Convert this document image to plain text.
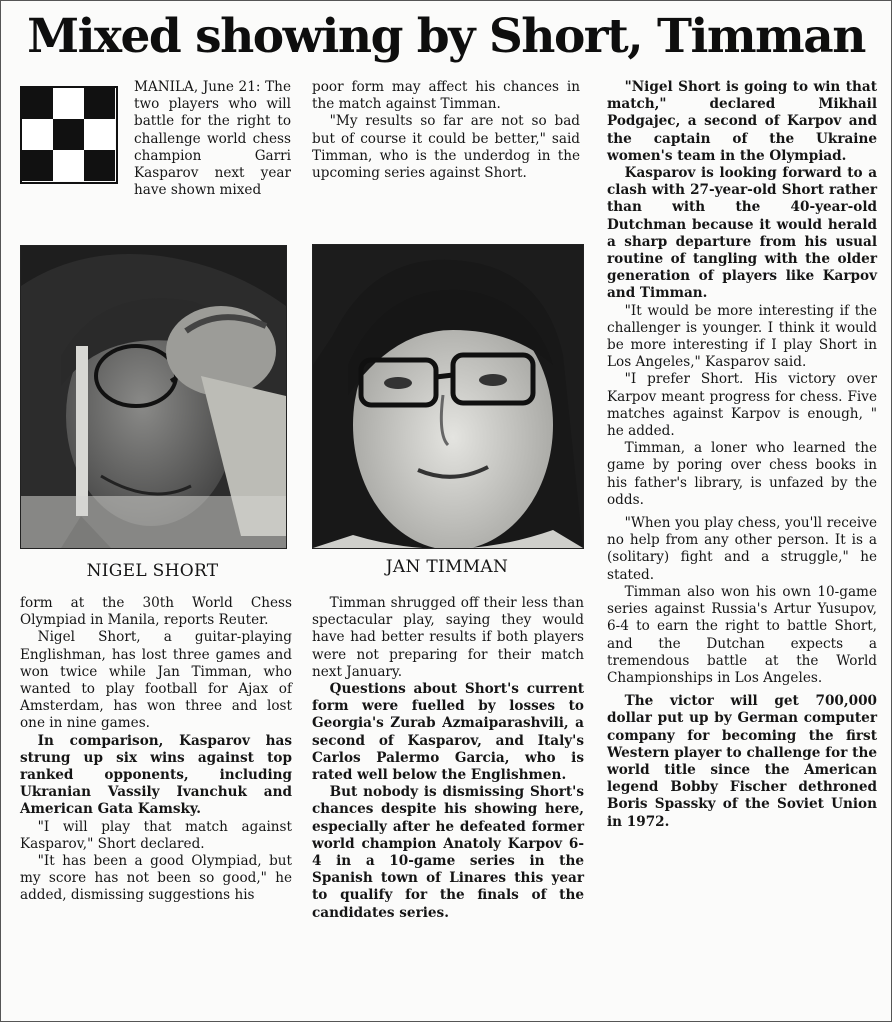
Mixed showing by Short, Timman

MANILA, June 21: The two players who will battle for the right to challenge world chess champion Garri Kasparov next year have shown mixed

NIGEL SHORT

form at the 30th World Chess Olympiad in Manila, reports Reuter.

Nigel Short, a guitar-playing Englishman, has lost three games and won twice while Jan Timman, who wanted to play football for Ajax of Amsterdam, has won three and lost one in nine games.

In comparison, Kasparov has strung up six wins against top ranked opponents, including Ukranian Vassily Ivanchuk and American Gata Kamsky.

"I will play that match against Kasparov," Short declared.

"It has been a good Olympiad, but my score has not been so good," he added, dismissing suggestions his

poor form may affect his chances in the match against Timman.

"My results so far are not so bad but of course it could be better," said Timman, who is the underdog in the upcoming series against Short.

JAN TIMMAN

Timman shrugged off their less than spectacular play, saying they would have had better results if both players were not preparing for their match next January.

Questions about Short's current form were fuelled by losses to Georgia's Zurab Azmaiparashvili, a second of Kasparov, and Italy's Carlos Palermo Garcia, who is rated well below the Englishmen.

But nobody is dismissing Short's chances despite his showing here, especially after he defeated former world champion Anatoly Karpov 6-4 in a 10-game series in the Spanish town of Linares this year to qualify for the finals of the candidates series.

"Nigel Short is going to win that match," declared Mikhail Podgajec, a second of Karpov and the captain of the Ukraine women's team in the Olympiad.

Kasparov is looking forward to a clash with 27-year-old Short rather than with the 40-year-old Dutchman because it would herald a sharp departure from his usual routine of tangling with the older generation of players like Karpov and Timman.

"It would be more interesting if the challenger is younger. I think it would be more interesting if I play Short in Los Angeles," Kasparov said.

"I prefer Short. His victory over Karpov meant progress for chess. Five matches against Karpov is enough, " he added.

Timman, a loner who learned the game by poring over chess books in his father's library, is unfazed by the odds.

"When you play chess, you'll receive no help from any other person. It is a (solitary) fight and a struggle," he stated.

Timman also won his own 10-game series against Russia's Artur Yusupov, 6-4 to earn the right to battle Short, and the Dutchan expects a tremendous battle at the World Championships in Los Angeles.

The victor will get 700,000 dollar put up by German computer company for becoming the first Western player to challenge for the world title since the American legend Bobby Fischer dethroned Boris Spassky of the Soviet Union in 1972.
